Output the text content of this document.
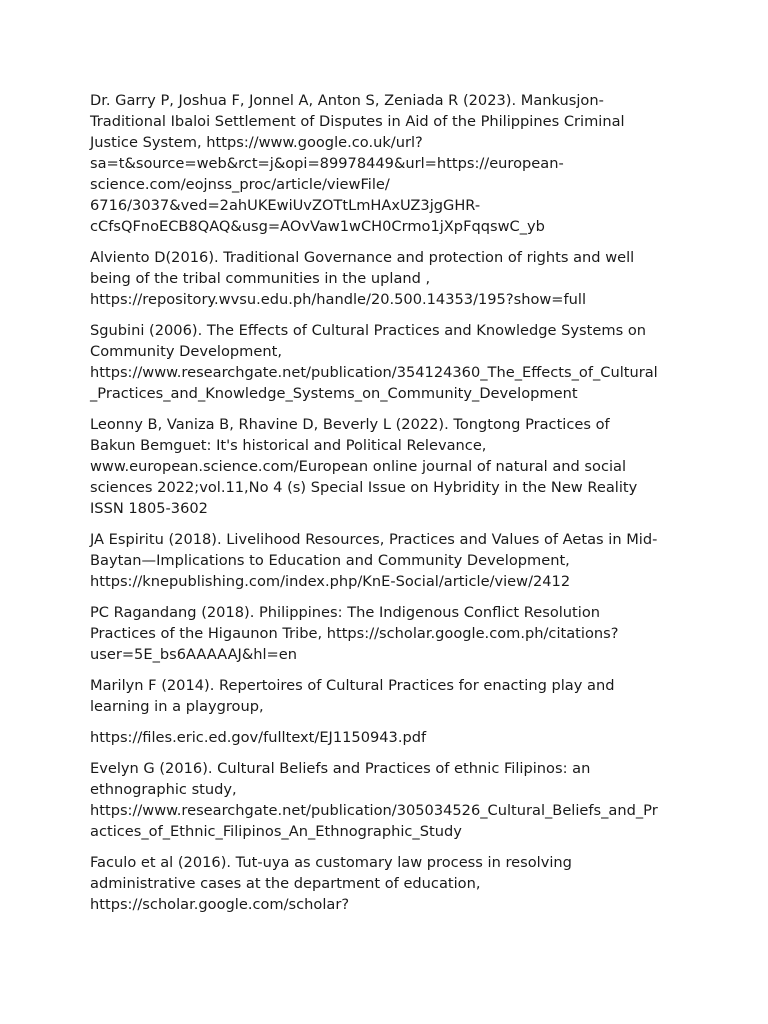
Dr. Garry P, Joshua F, Jonnel A, Anton S, Zeniada R (2023). Mankusjon-
Traditional Ibaloi Settlement of Disputes in Aid of the Philippines Criminal
Justice System, https://www.google.co.uk/url?
sa=t&source=web&rct=j&opi=89978449&url=https://european-
science.com/eojnss_proc/article/viewFile/
6716/3037&ved=2ahUKEwiUvZOTtLmHAxUZ3jgGHR-
cCfsQFnoECB8QAQ&usg=AOvVaw1wCH0Crmo1jXpFqqswC_yb

Alviento D(2016). Traditional Governance and protection of rights and well
being of the tribal communities in the upland ,
https://repository.wvsu.edu.ph/handle/20.500.14353/195?show=full

Sgubini (2006). The Effects of Cultural Practices and Knowledge Systems on
Community Development,
https://www.researchgate.net/publication/354124360_The_Effects_of_Cultural
_Practices_and_Knowledge_Systems_on_Community_Development

Leonny B, Vaniza B, Rhavine D, Beverly L (2022). Tongtong Practices of
Bakun Bemguet: It's historical and Political Relevance,
www.european.science.com/European online journal of natural and social
sciences 2022;vol.11,No 4 (s) Special Issue on Hybridity in the New Reality
ISSN 1805-3602

JA Espiritu (2018). Livelihood Resources, Practices and Values of Aetas in Mid-
Baytan—Implications to Education and Community Development,
https://knepublishing.com/index.php/KnE-Social/article/view/2412

PC Ragandang (2018). Philippines: The Indigenous Conflict Resolution
Practices of the Higaunon Tribe, https://scholar.google.com.ph/citations?
user=5E_bs6AAAAAJ&hl=en

Marilyn F (2014). Repertoires of Cultural Practices for enacting play and
learning in a playgroup,

https://files.eric.ed.gov/fulltext/EJ1150943.pdf

Evelyn G (2016). Cultural Beliefs and Practices of ethnic Filipinos: an
ethnographic study,
https://www.researchgate.net/publication/305034526_Cultural_Beliefs_and_Pr
actices_of_Ethnic_Filipinos_An_Ethnographic_Study

Faculo et al (2016). Tut-uya as customary law process in resolving
administrative cases at the department of education,
https://scholar.google.com/scholar?
